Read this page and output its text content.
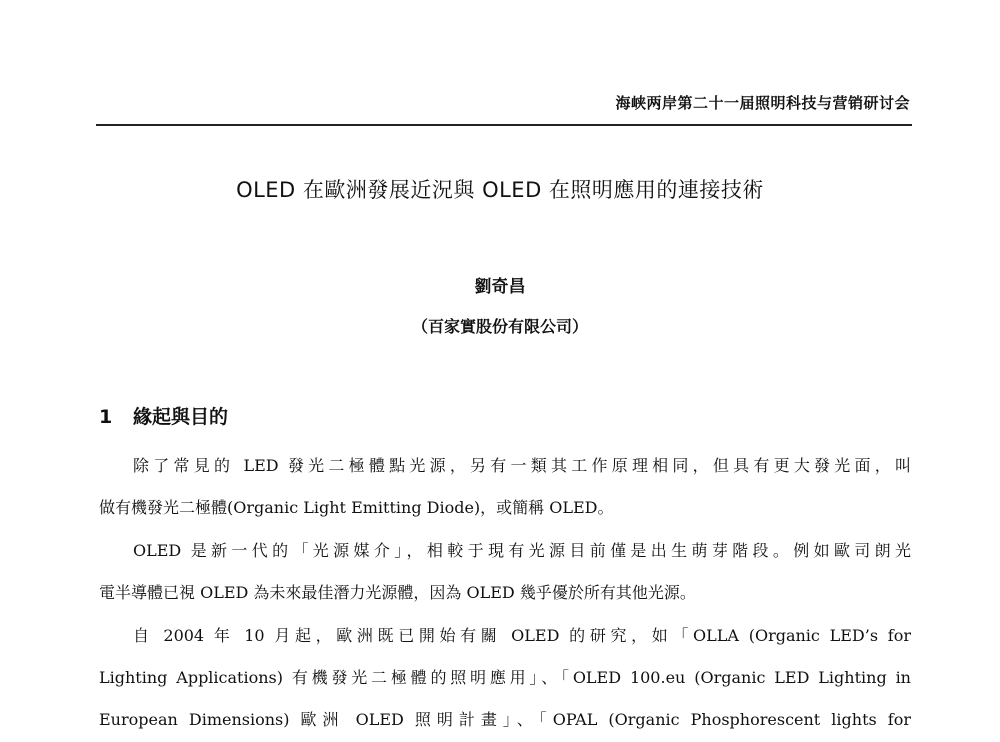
海峡两岸第二十一届照明科技与营销研讨会
OLED 在歐洲發展近況與 OLED 在照明應用的連接技術
劉奇昌
（百家實股份有限公司）
1 緣起與目的
除了常見的 LED 發光二極體點光源，另有一類其工作原理相同，但具有更大發光面，叫
做有機發光二極體(Organic Light Emitting Diode)，或簡稱 OLED。
OLED 是新一代的「光源媒介」，相較于現有光源目前僅是出生萌芽階段。例如歐司朗光
電半導體已視 OLED 為未來最佳潛力光源體，因為 OLED 幾乎優於所有其他光源。
自 2004 年 10 月起，歐洲既已開始有關 OLED 的研究，如「OLLA (Organic LED’s for
Lighting Applications) 有機發光二極體的照明應用」、「OLED 100.eu (Organic LED Lighting in
European Dimensions) 歐洲 OLED 照明計畫」、「OPAL (Organic Phosphorescent lights for
